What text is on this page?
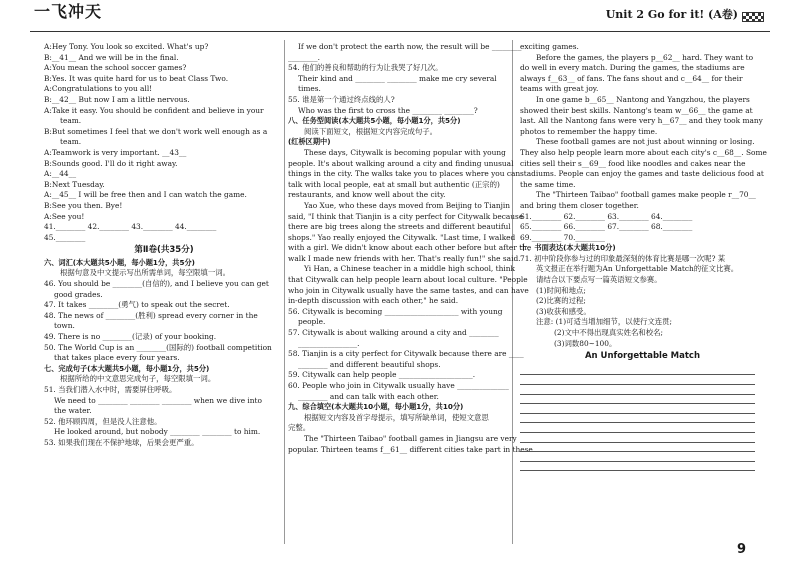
一飞冲天	Unit 2 Go for it! (A卷)
A:Hey Tony. You look so excited. What's up?
B:__41__ And we will be in the final.
A:You mean the school soccer games?
B:Yes. It was quite hard for us to beat Class Two.
A:Congratulations to you all!
B:__42__ But now I am a little nervous.
A:Take it easy. You should be confident and believe in your
team.
B:But sometimes I feel that we don't work well enough as a
team.
A:Teamwork is very important. __43__
B:Sounds good. I'll do it right away.
A:__44__
B:Next Tuesday.
A:__45__ I will be free then and I can watch the game.
B:See you then. Bye!
A:See you!
41.________ 42.________ 43.________ 44.________
45.________
第Ⅱ卷(共35分)
六、词汇(本大题共5小题，每小题1分，共5分)
根据句意及中文提示写出所需单词，每空限填一词。
46. You should be ________(自信的), and I believe you can get
good grades.
47. It takes ________(勇气) to speak out the secret.
48. The news of ________(胜利) spread every corner in the
town.
49. There is no ________(记录) of your booking.
50. The World Cup is an ________(国际的) football competition
that takes place every four years.
七、完成句子(本大题共5小题，每小题1分，共5分)
根据所给的中文意思完成句子，每空限填一词。
51. 当我们潜入水中时，需要屏住呼吸。
We need to ________ ________ ________ when we dive into
the water.
52. 他环顾四周，但是没人注意他。
He looked around, but nobody ________ ________ to him.
53. 如果我们现在不保护地球，后果会更严重。
If we don't protect the earth now, the result will be ________
________.
54. 他们的善良和帮助的行为让我哭了好几次。
Their kind and ________ ________ make me cry several
times.
55. 谁是第一个通过终点线的人?
Who was the first to cross the ________ ________?
八、任务型阅读(本大题共5小题，每小题1分，共5分)
阅读下面短文，根据短文内容完成句子。
(红桥区期中)
These days, Citywalk is becoming popular with young
people. It's about walking around a city and finding unusual
things in the city. The walks take you to places where you can
talk with local people, eat at small but authentic (正宗的)
restaurants, and know well about the city.
Yao Xue, who these days moved from Beijing to Tianjin
said, "I think that Tianjin is a city perfect for Citywalk because
there are big trees along the streets and different beautiful
shops." Yao really enjoyed the Citywalk. "Last time, I walked
with a girl. We didn't know about each other before but after the
walk I made new friends with her. That's really fun!" she said.
Yi Han, a Chinese teacher in a middle high school, think
that Citywalk can help people learn about local culture. "People
who join in Citywalk usually have the same tastes, and can have
in-depth discussion with each other," he said.
56. Citywalk is becoming ____________________ with young
people.
57. Citywalk is about walking around a city and ________
________________.
58. Tianjin is a city perfect for Citywalk because there are ____
________ and different beautiful shops.
59. Citywalk can help people ____________________.
60. People who join in Citywalk usually have ______________
________ and can talk with each other.
九、综合填空(本大题共10小题，每小题1分，共10分)
根据短文内容及首字母提示，填写所缺单词，使短文意思
完整。
The "Thirteen Taibao" football games in Jiangsu are very
popular. Thirteen teams f__61__ different cities take part in these
exciting games.
Before the games, the players p__62__ hard. They want to
do well in every match. During the games, the stadiums are
always f__63__ of fans. The fans shout and c__64__ for their
teams with great joy.
In one game b__65__ Nantong and Yangzhou, the players
showed their best skills. Nantong's team w__66__ the game at
last. All the Nantong fans were very h__67__ and they took many
photos to remember the happy time.
These football games are not just about winning or losing.
They also help people learn more about each city's c__68__. Some
cities sell their s__69__ food like noodles and cakes near the
stadiums. People can enjoy the games and taste delicious food at
the same time.
The "Thirteen Taibao" football games make people r__70__
and bring them closer together.
61.________ 62.________ 63.________ 64.________
65.________ 66.________ 67.________ 68.________
69.________ 70.________
十、书面表达(本大题共10分)
71. 初中阶段你参与过的印象最深刻的体育比赛是哪一次呢? 某
英文报正在举行题为An Unforgettable Match的征文比赛。
请结合以下要点写一篇英语短文参赛。
(1)时间和地点;
(2)比赛的过程;
(3)收获和感受。
注意: (1)可适当增加细节，以使行文连贯;
(2)文中不得出现真实姓名和校名;
(3)词数80~100。
An Unforgettable Match
9
